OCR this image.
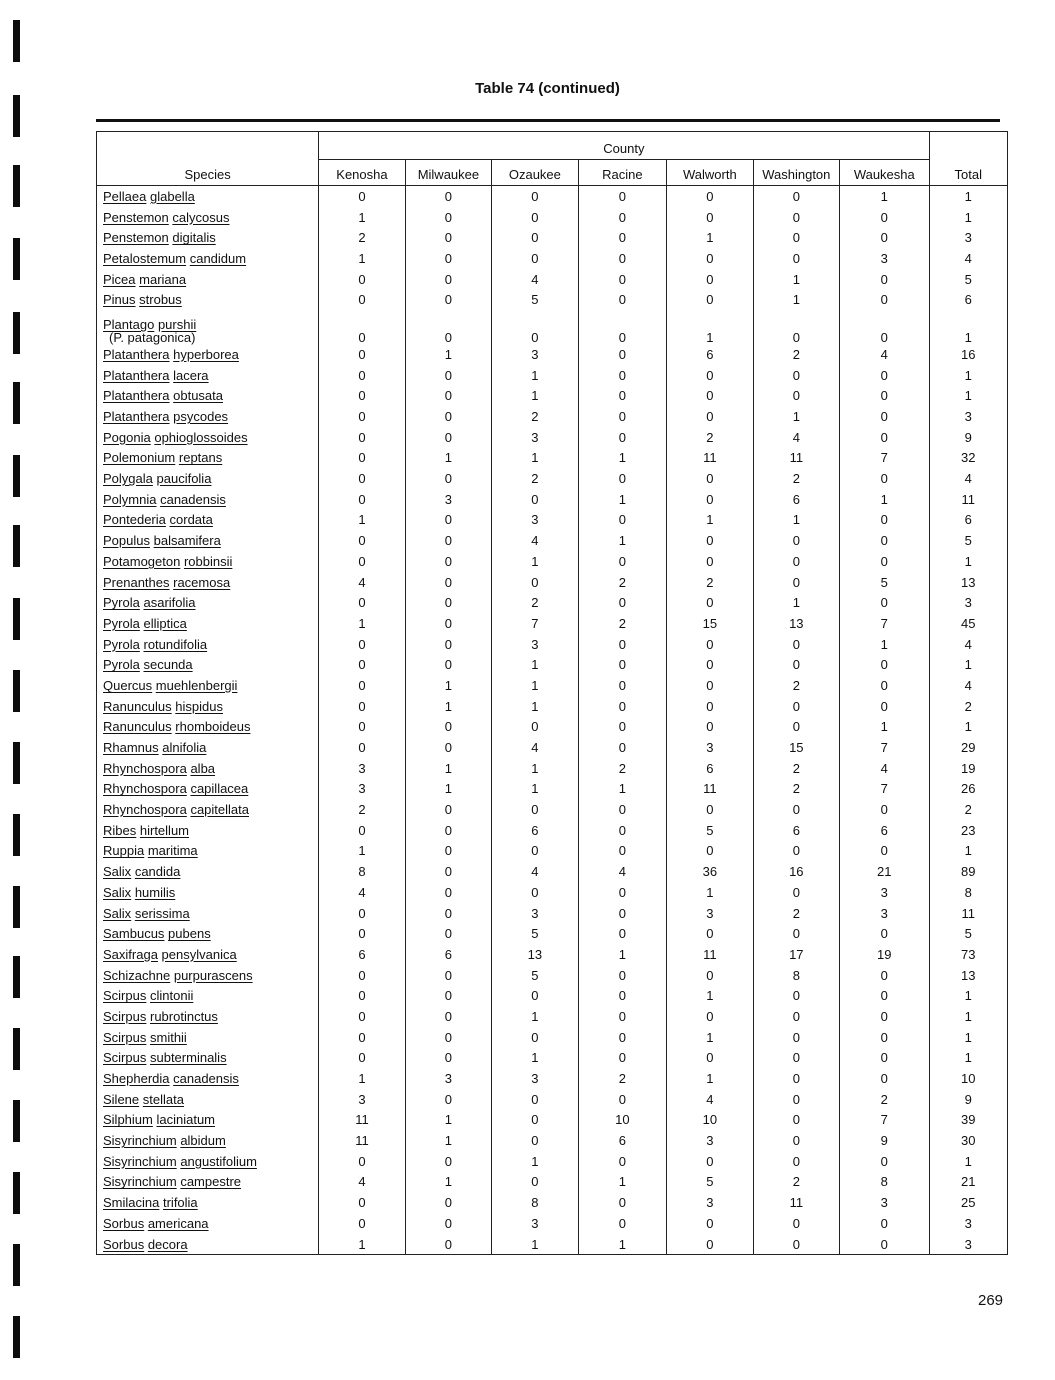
Table 74 (continued)
Species	County							Total
	Kenosha	Milwaukee	Ozaukee	Racine	Walworth	Washington	Waukesha	
Pellaea glabella	0	0	0	0	0	0	1	1
Penstemon calycosus	1	0	0	0	0	0	0	1
Penstemon digitalis	2	0	0	0	1	0	0	3
Petalostemum candidum	1	0	0	0	0	0	3	4
Picea mariana	0	0	4	0	0	1	0	5
Pinus strobus	0	0	5	0	0	1	0	6
Plantago purshii
(P. patagonica)	0	0	0	0	1	0	0	1
Platanthera hyperborea	0	1	3	0	6	2	4	16
Platanthera lacera	0	0	1	0	0	0	0	1
Platanthera obtusata	0	0	1	0	0	0	0	1
Platanthera psycodes	0	0	2	0	0	1	0	3
Pogonia ophioglossoides	0	0	3	0	2	4	0	9
Polemonium reptans	0	1	1	1	11	11	7	32
Polygala paucifolia	0	0	2	0	0	2	0	4
Polymnia canadensis	0	3	0	1	0	6	1	11
Pontederia cordata	1	0	3	0	1	1	0	6
Populus balsamifera	0	0	4	1	0	0	0	5
Potamogeton robbinsii	0	0	1	0	0	0	0	1
Prenanthes racemosa	4	0	0	2	2	0	5	13
Pyrola asarifolia	0	0	2	0	0	1	0	3
Pyrola elliptica	1	0	7	2	15	13	7	45
Pyrola rotundifolia	0	0	3	0	0	0	1	4
Pyrola secunda	0	0	1	0	0	0	0	1
Quercus muehlenbergii	0	1	1	0	0	2	0	4
Ranunculus hispidus	0	1	1	0	0	0	0	2
Ranunculus rhomboideus	0	0	0	0	0	0	1	1
Rhamnus alnifolia	0	0	4	0	3	15	7	29
Rhynchospora alba	3	1	1	2	6	2	4	19
Rhynchospora capillacea	3	1	1	1	11	2	7	26
Rhynchospora capitellata	2	0	0	0	0	0	0	2
Ribes hirtellum	0	0	6	0	5	6	6	23
Ruppia maritima	1	0	0	0	0	0	0	1
Salix candida	8	0	4	4	36	16	21	89
Salix humilis	4	0	0	0	1	0	3	8
Salix serissima	0	0	3	0	3	2	3	11
Sambucus pubens	0	0	5	0	0	0	0	5
Saxifraga pensylvanica	6	6	13	1	11	17	19	73
Schizachne purpurascens	0	0	5	0	0	8	0	13
Scirpus clintonii	0	0	0	0	1	0	0	1
Scirpus rubrotinctus	0	0	1	0	0	0	0	1
Scirpus smithii	0	0	0	0	1	0	0	1
Scirpus subterminalis	0	0	1	0	0	0	0	1
Shepherdia canadensis	1	3	3	2	1	0	0	10
Silene stellata	3	0	0	0	4	0	2	9
Silphium laciniatum	11	1	0	10	10	0	7	39
Sisyrinchium albidum	11	1	0	6	3	0	9	30
Sisyrinchium angustifolium	0	0	1	0	0	0	0	1
Sisyrinchium campestre	4	1	0	1	5	2	8	21
Smilacina trifolia	0	0	8	0	3	11	3	25
Sorbus americana	0	0	3	0	0	0	0	3
Sorbus decora	1	0	1	1	0	0	0	3
269
